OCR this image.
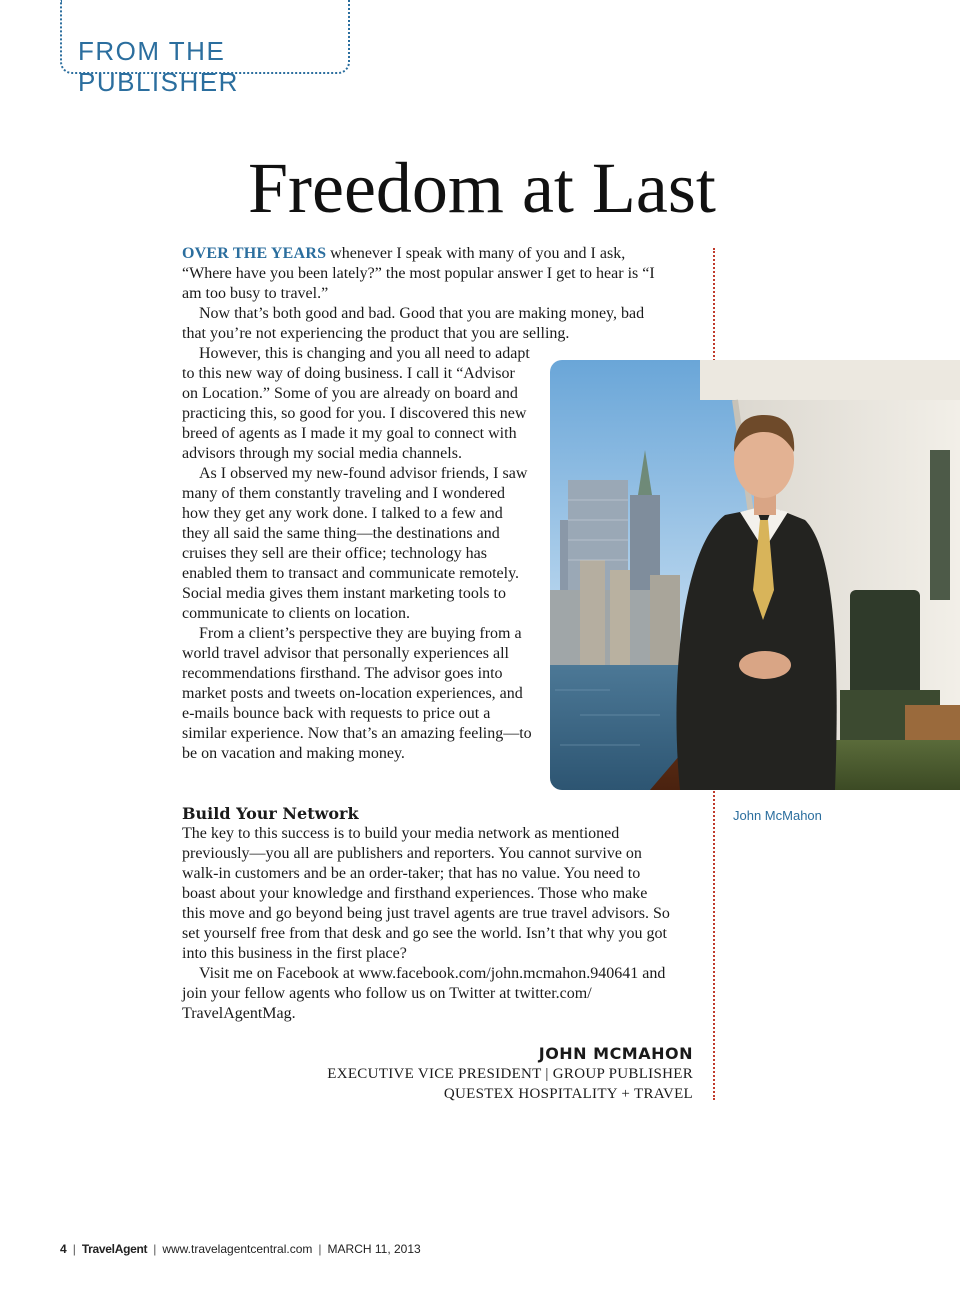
FROM THE PUBLISHER
Freedom at Last

OVER THE YEARS whenever I speak with many of you and I ask, “Where have you been lately?” the most popular answer I get to hear is “I am too busy to travel.”

Now that’s both good and bad. Good that you are making money, bad that you’re not experiencing the product that you are selling.

However, this is changing and you all need to adapt to this new way of doing business. I call it “Advisor on Location.” Some of you are already on board and practicing this, so good for you. I discovered this new breed of agents as I made it my goal to connect with advisors through my social media channels.

As I observed my new-found advisor friends, I saw many of them constantly traveling and I wondered how they get any work done. I talked to a few and they all said the same thing—the destinations and cruises they sell are their office; technology has enabled them to transact and communicate remotely. Social media gives them instant marketing tools to communicate to clients on location.

From a client’s perspective they are buying from a world travel advisor that personally experiences all recommendations firsthand. The advisor goes into market posts and tweets on-location experiences, and e-mails bounce back with requests to price out a similar experience. Now that’s an amazing feeling—to be on vacation and making money.

Build Your Network

The key to this success is to build your media network as mentioned previously—you all are publishers and reporters. You cannot survive on walk-in customers and be an order-taker; that has no value. You need to boast about your knowledge and firsthand experiences. Those who make this move and go beyond being just travel agents are true travel advisors. So set yourself free from that desk and go see the world. Isn’t that why you got into this business in the first place?

Visit me on Facebook at www.facebook.com/john.mcmahon.940641 and join your fellow agents who follow us on Twitter at twitter.com/ TravelAgentMag.

John McMahon
JOHN MCMAHON
EXECUTIVE VICE PRESIDENT | GROUP PUBLISHER
QUESTEX HOSPITALITY + TRAVEL
4 | TravelAgent | www.travelagentcentral.com | MARCH 11, 2013
